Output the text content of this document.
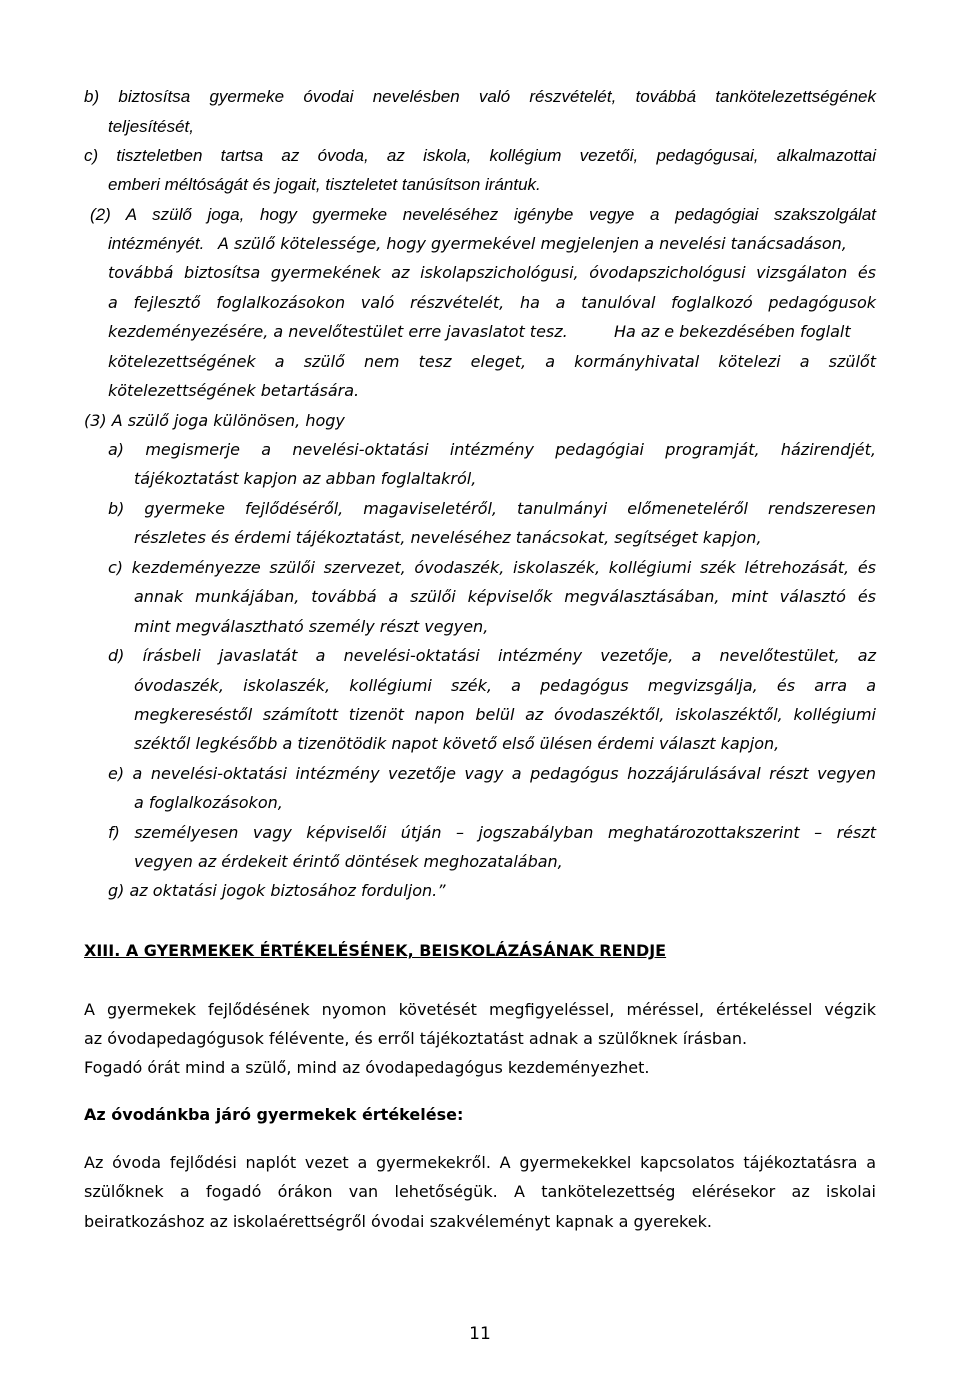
b) biztosítsa gyermeke óvodai nevelésben való részvételét, továbbá tankötelezettségének
teljesítését,
c) tiszteletben tartsa az óvoda, az iskola, kollégium vezetői, pedagógusai, alkalmazottai
emberi méltóságát és jogait, tiszteletet tanúsítson irántuk.
(2) A szülő joga, hogy gyermeke neveléséhez igénybe vegye a pedagógiai szakszolgálat
intézményét. A szülő kötelessége, hogy gyermekével megjelenjen a nevelési tanácsadáson,
továbbá biztosítsa gyermekének az iskolapszichológusi, óvodapszichológusi vizsgálaton és
a fejlesztő foglalkozásokon való részvételét, ha a tanulóval foglalkozó pedagógusok
kezdeményezésére, a nevelőtestület erre javaslatot tesz.	Ha az e bekezdésében foglalt
kötelezettségének a szülő nem tesz eleget, a kormányhivatal kötelezi a szülőt
kötelezettségének betartására.
(3) A szülő joga különösen, hogy
a) megismerje a nevelési-oktatási intézmény pedagógiai programját, házirendjét,
tájékoztatást kapjon az abban foglaltakról,
b) gyermeke fejlődéséről, magaviseletéről, tanulmányi előmeneteléről rendszeresen
részletes és érdemi tájékoztatást, neveléséhez tanácsokat, segítséget kapjon,
c) kezdeményezze szülői szervezet, óvodaszék, iskolaszék, kollégiumi szék létrehozását, és
annak munkájában, továbbá a szülői képviselők megválasztásában, mint választó és
mint megválasztható személy részt vegyen,
d) írásbeli javaslatát a nevelési-oktatási intézmény vezetője, a nevelőtestület, az
óvodaszék, iskolaszék, kollégiumi szék, a pedagógus megvizsgálja, és arra a
megkereséstől számított tizenöt napon belül az óvodaszéktől, iskolaszéktől, kollégiumi
széktől legkésőbb a tizenötödik napot követő első ülésen érdemi választ kapjon,
e) a nevelési-oktatási intézmény vezetője vagy a pedagógus hozzájárulásával részt vegyen
a foglalkozásokon,
f) személyesen vagy képviselői útján – jogszabályban meghatározottakszerint – részt
vegyen az érdekeit érintő döntések meghozatalában,
g) az oktatási jogok biztosához forduljon.”
XIII. A GYERMEKEK ÉRTÉKELÉSÉNEK, BEISKOLÁZÁSÁNAK RENDJE
A gyermekek fejlődésének nyomon követését megfigyeléssel, méréssel, értékeléssel végzik
az óvodapedagógusok félévente, és erről tájékoztatást adnak a szülőknek írásban.
Fogadó órát mind a szülő, mind az óvodapedagógus kezdeményezhet.
Az óvodánkba járó gyermekek értékelése:
Az óvoda fejlődési naplót vezet a gyermekekről. A gyermekekkel kapcsolatos tájékoztatásra a
szülőknek a fogadó órákon van lehetőségük. A tankötelezettség elérésekor az iskolai
beiratkozáshoz az iskolaérettségről óvodai szakvéleményt kapnak a gyerekek.
11
